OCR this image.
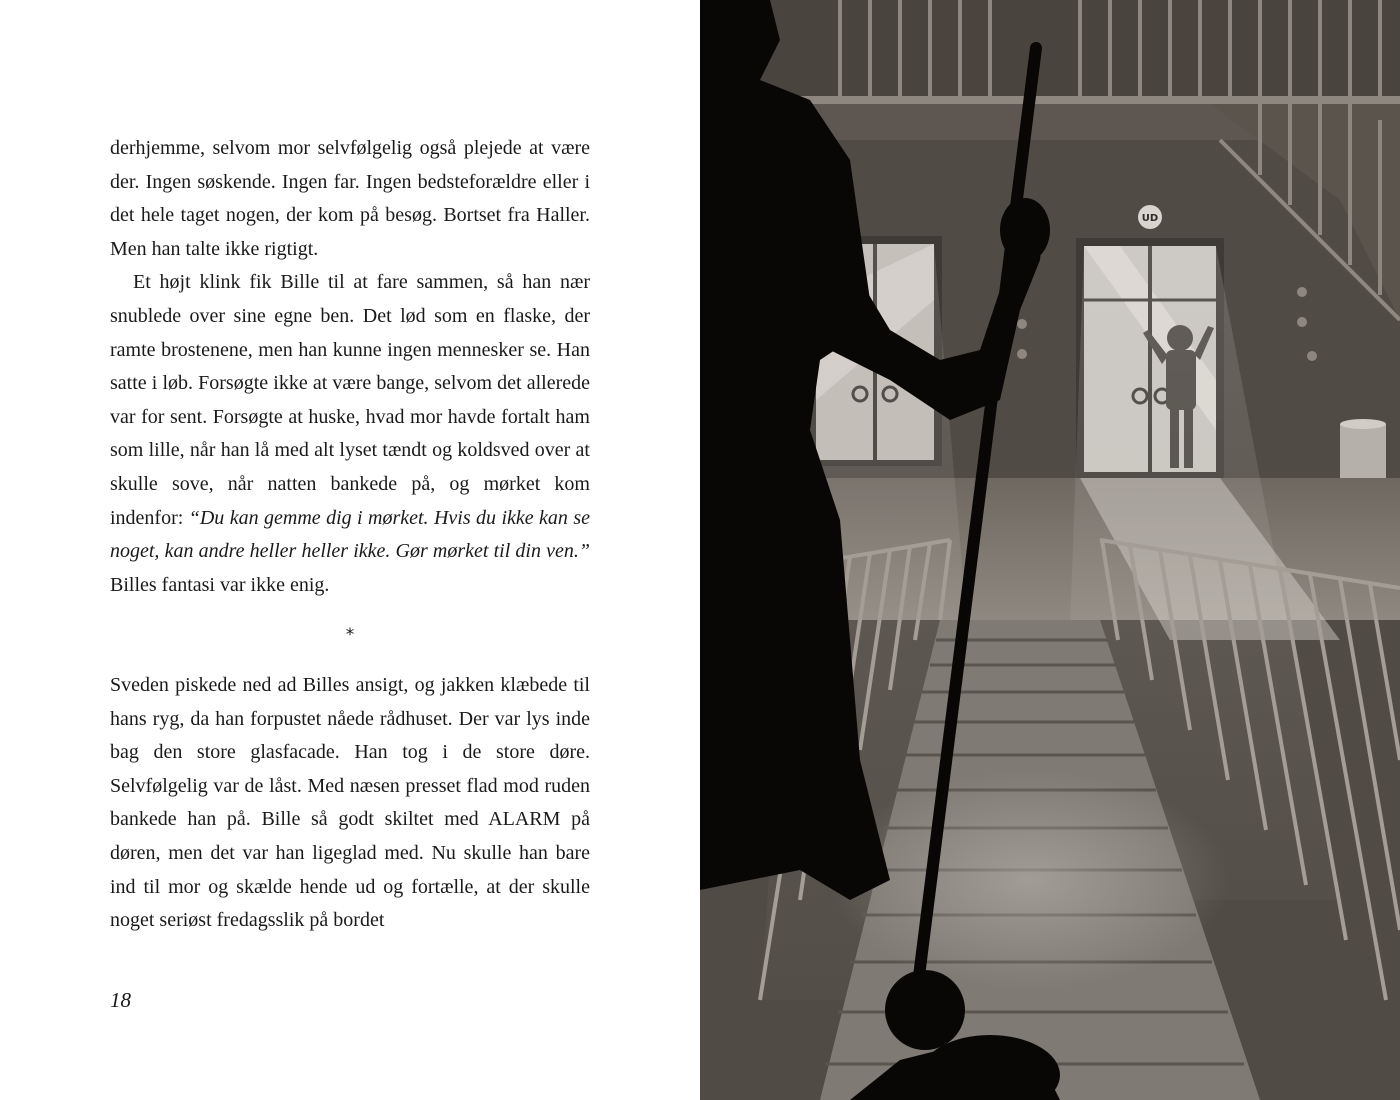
derhjemme, selvom mor selvfølgelig også plejede at være der. Ingen søskende. Ingen far. Ingen bedsteforældre eller i det hele taget nogen, der kom på besøg. Bortset fra Haller. Men han talte ikke rigtigt.

Et højt klink fik Bille til at fare sammen, så han nær snublede over sine egne ben. Det lød som en flaske, der ramte brostenene, men han kunne ingen mennesker se. Han satte i løb. Forsøgte ikke at være bange, selvom det allerede var for sent. Forsøgte at huske, hvad mor havde fortalt ham som lille, når han lå med alt lyset tændt og koldsved over at skulle sove, når natten bankede på, og mørket kom indenfor: “Du kan gemme dig i mørket. Hvis du ikke kan se noget, kan andre heller heller ikke. Gør mørket til din ven.” Billes fantasi var ikke enig.

*

Sveden piskede ned ad Billes ansigt, og jakken klæbede til hans ryg, da han forpustet nåede rådhuset. Der var lys inde bag den store glasfacade. Han tog i de store døre. Selvfølgelig var de låst. Med næsen presset flad mod ruden bankede han på. Bille så godt skiltet med ALARM på døren, men det var han ligeglad med. Nu skulle han bare ind til mor og skælde hende ud og fortælle, at der skulle noget seriøst fredagsslik på bordet

18
UD
